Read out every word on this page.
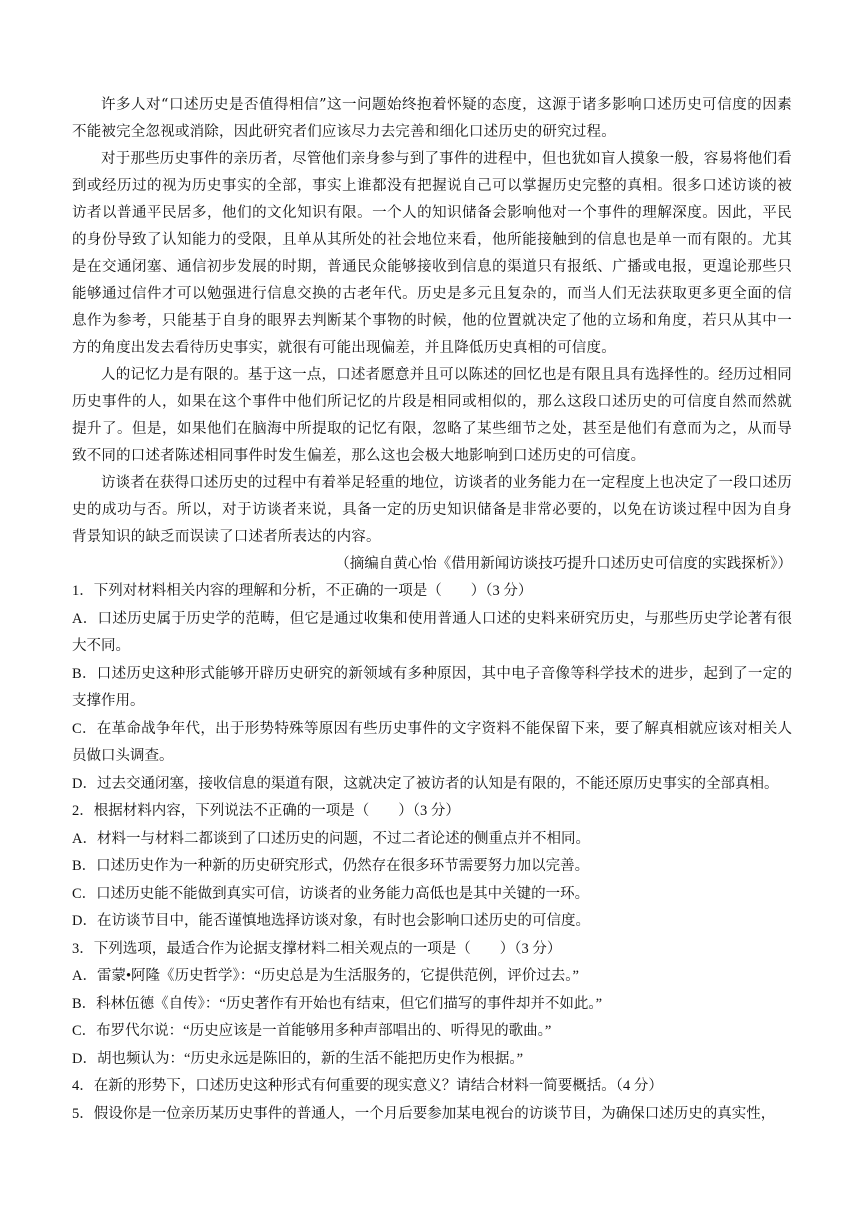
许多人对“口述历史是否值得相信”这一问题始终抱着怀疑的态度，这源于诸多影响口述历史可信度的因素不能被完全忽视或消除，因此研究者们应该尽力去完善和细化口述历史的研究过程。

对于那些历史事件的亲历者，尽管他们亲身参与到了事件的进程中，但也犹如盲人摸象一般，容易将他们看到或经历过的视为历史事实的全部，事实上谁都没有把握说自己可以掌握历史完整的真相。很多口述访谈的被访者以普通平民居多，他们的文化知识有限。一个人的知识储备会影响他对一个事件的理解深度。因此，平民的身份导致了认知能力的受限，且单从其所处的社会地位来看，他所能接触到的信息也是单一而有限的。尤其是在交通闭塞、通信初步发展的时期，普通民众能够接收到信息的渠道只有报纸、广播或电报，更遑论那些只能够通过信件才可以勉强进行信息交换的古老年代。历史是多元且复杂的，而当人们无法获取更多更全面的信息作为参考，只能基于自身的眼界去判断某个事物的时候，他的位置就决定了他的立场和角度，若只从其中一方的角度出发去看待历史事实，就很有可能出现偏差，并且降低历史真相的可信度。

人的记忆力是有限的。基于这一点，口述者愿意并且可以陈述的回忆也是有限且具有选择性的。经历过相同历史事件的人，如果在这个事件中他们所记忆的片段是相同或相似的，那么这段口述历史的可信度自然而然就提升了。但是，如果他们在脑海中所提取的记忆有限，忽略了某些细节之处，甚至是他们有意而为之，从而导致不同的口述者陈述相同事件时发生偏差，那么这也会极大地影响到口述历史的可信度。

访谈者在获得口述历史的过程中有着举足轻重的地位，访谈者的业务能力在一定程度上也决定了一段口述历史的成功与否。所以，对于访谈者来说，具备一定的历史知识储备是非常必要的，以免在访谈过程中因为自身背景知识的缺乏而误读了口述者所表达的内容。

（摘编自黄心怡《借用新闻访谈技巧提升口述历史可信度的实践探析》）

1．下列对材料相关内容的理解和分析，不正确的一项是（　　）（3 分）

A．口述历史属于历史学的范畴，但它是通过收集和使用普通人口述的史料来研究历史，与那些历史学论著有很大不同。

B．口述历史这种形式能够开辟历史研究的新领域有多种原因，其中电子音像等科学技术的进步，起到了一定的支撑作用。

C．在革命战争年代，出于形势特殊等原因有些历史事件的文字资料不能保留下来，要了解真相就应该对相关人员做口头调查。

D．过去交通闭塞，接收信息的渠道有限，这就决定了被访者的认知是有限的，不能还原历史事实的全部真相。

2．根据材料内容，下列说法不正确的一项是（　　）（3 分）

A．材料一与材料二都谈到了口述历史的问题，不过二者论述的侧重点并不相同。

B．口述历史作为一种新的历史研究形式，仍然存在很多环节需要努力加以完善。

C．口述历史能不能做到真实可信，访谈者的业务能力高低也是其中关键的一环。

D．在访谈节目中，能否谨慎地选择访谈对象，有时也会影响口述历史的可信度。

3．下列选项，最适合作为论据支撑材料二相关观点的一项是（　　）（3 分）

A．雷蒙•阿隆《历史哲学》：“历史总是为生活服务的，它提供范例，评价过去。”

B．科林伍德《自传》：“历史著作有开始也有结束，但它们描写的事件却并不如此。”

C．布罗代尔说：“历史应该是一首能够用多种声部唱出的、听得见的歌曲。”

D．胡也频认为：“历史永远是陈旧的，新的生活不能把历史作为根据。”

4．在新的形势下，口述历史这种形式有何重要的现实意义？请结合材料一简要概括。（4 分）

5．假设你是一位亲历某历史事件的普通人，一个月后要参加某电视台的访谈节目，为确保口述历史的真实性，
